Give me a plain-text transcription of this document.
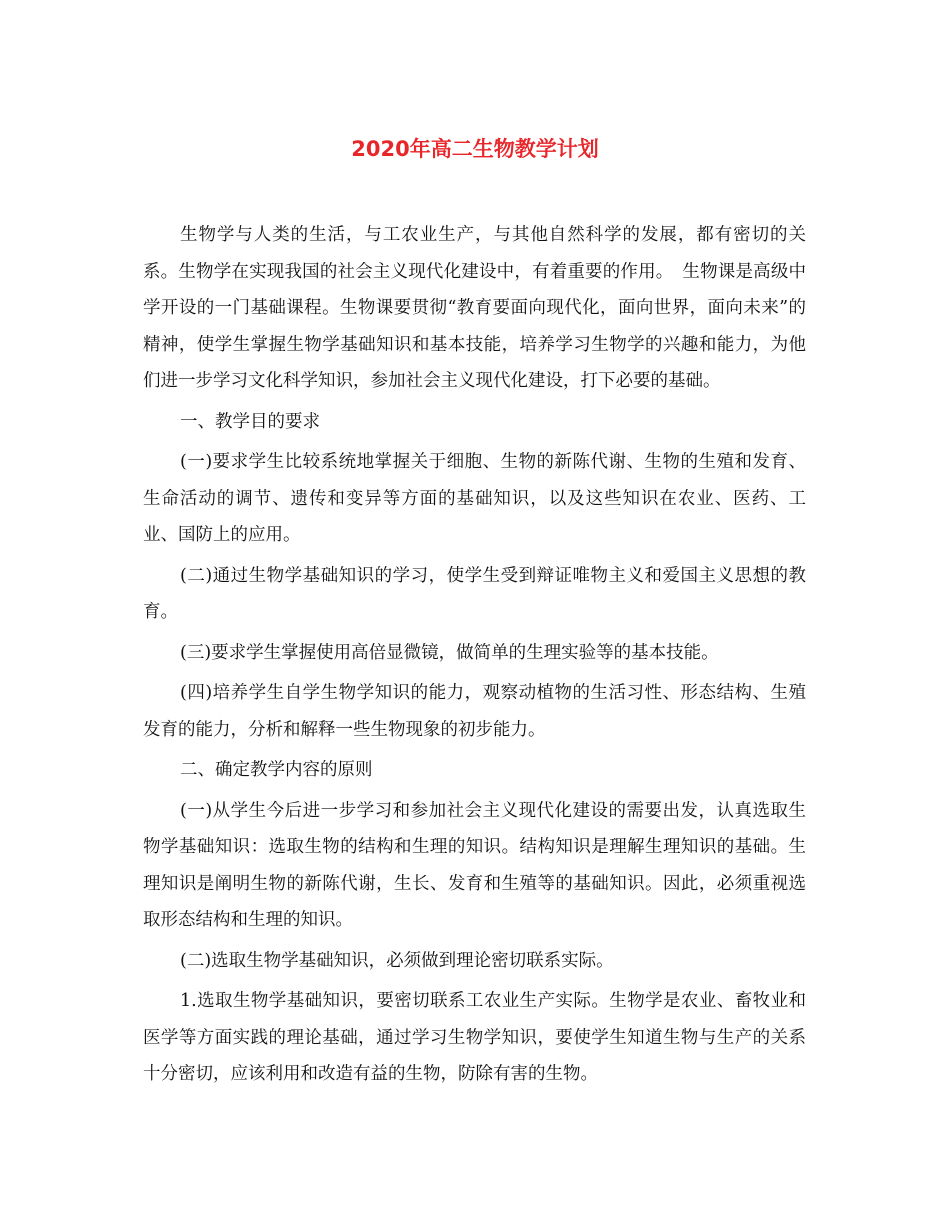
2020年高二生物教学计划

生物学与人类的生活，与工农业生产，与其他自然科学的发展，都有密切的关系。生物学在实现我国的社会主义现代化建设中，有着重要的作用。　生物课是高级中学开设的一门基础课程。生物课要贯彻“教育要面向现代化，面向世界，面向未来”的精神，使学生掌握生物学基础知识和基本技能，培养学习生物学的兴趣和能力，为他们进一步学习文化科学知识，参加社会主义现代化建设，打下必要的基础。

一、教学目的要求

(一)要求学生比较系统地掌握关于细胞、生物的新陈代谢、生物的生殖和发育、生命活动的调节、遗传和变异等方面的基础知识，以及这些知识在农业、医药、工业、国防上的应用。

(二)通过生物学基础知识的学习，使学生受到辩证唯物主义和爱国主义思想的教育。

(三)要求学生掌握使用高倍显微镜，做简单的生理实验等的基本技能。

(四)培养学生自学生物学知识的能力，观察动植物的生活习性、形态结构、生殖发育的能力，分析和解释一些生物现象的初步能力。

二、确定教学内容的原则

(一)从学生今后进一步学习和参加社会主义现代化建设的需要出发，认真选取生物学基础知识：选取生物的结构和生理的知识。结构知识是理解生理知识的基础。生理知识是阐明生物的新陈代谢，生长、发育和生殖等的基础知识。因此，必须重视选取形态结构和生理的知识。

(二)选取生物学基础知识，必须做到理论密切联系实际。

1.选取生物学基础知识，要密切联系工农业生产实际。生物学是农业、畜牧业和医学等方面实践的理论基础，通过学习生物学知识，要使学生知道生物与生产的关系十分密切，应该利用和改造有益的生物，防除有害的生物。
